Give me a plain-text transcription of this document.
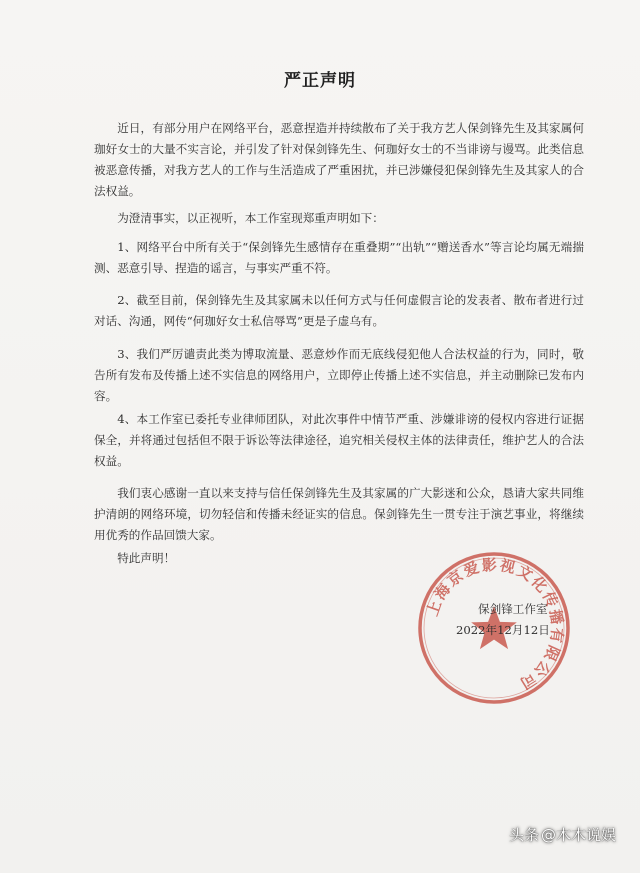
严正声明
近日，有部分用户在网络平台，恶意捏造并持续散布了关于我方艺人保剑锋先生及其家属何珈好女士的大量不实言论，并引发了针对保剑锋先生、何珈好女士的不当诽谤与谩骂。此类信息被恶意传播，对我方艺人的工作与生活造成了严重困扰，并已涉嫌侵犯保剑锋先生及其家人的合法权益。
为澄清事实，以正视听，本工作室现郑重声明如下：
1、网络平台中所有关于“保剑锋先生感情存在重叠期”“出轨”“赠送香水”等言论均属无端揣测、恶意引导、捏造的谣言，与事实严重不符。
2、截至目前，保剑锋先生及其家属未以任何方式与任何虚假言论的发表者、散布者进行过对话、沟通，网传“何珈好女士私信辱骂”更是子虚乌有。
3、我们严厉谴责此类为博取流量、恶意炒作而无底线侵犯他人合法权益的行为，同时，敬告所有发布及传播上述不实信息的网络用户，立即停止传播上述不实信息，并主动删除已发布内容。
4、本工作室已委托专业律师团队，对此次事件中情节严重、涉嫌诽谤的侵权内容进行证据保全，并将通过包括但不限于诉讼等法律途径，追究相关侵权主体的法律责任，维护艺人的合法权益。
我们衷心感谢一直以来支持与信任保剑锋先生及其家属的广大影迷和公众，恳请大家共同维护清朗的网络环境，切勿轻信和传播未经证实的信息。保剑锋先生一贯专注于演艺事业，将继续用优秀的作品回馈大家。
特此声明！
上海京爱影视文化传播有限公司
保剑锋工作室
2022年12月12日
头条 @木木说娱
